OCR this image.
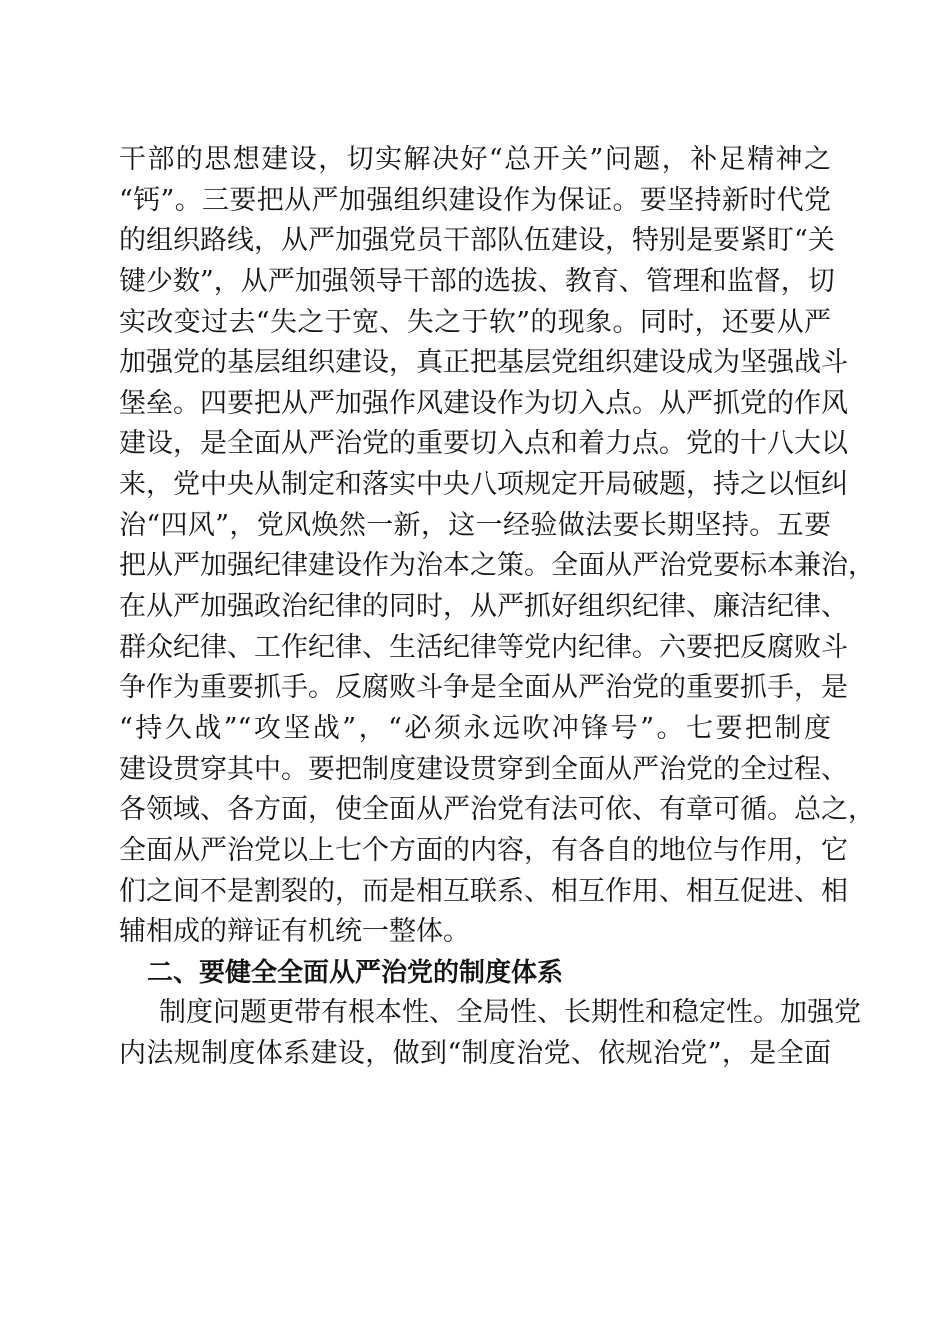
干部的思想建设，切实解决好“总开关”问题，补足精神之
“钙”。三要把从严加强组织建设作为保证。要坚持新时代党
的组织路线，从严加强党员干部队伍建设，特别是要紧盯“关
键少数”，从严加强领导干部的选拔、教育、管理和监督，切
实改变过去“失之于宽、失之于软”的现象。同时，还要从严
加强党的基层组织建设，真正把基层党组织建设成为坚强战斗
堡垒。四要把从严加强作风建设作为切入点。从严抓党的作风
建设，是全面从严治党的重要切入点和着力点。党的十八大以
来，党中央从制定和落实中央八项规定开局破题，持之以恒纠
治“四风”，党风焕然一新，这一经验做法要长期坚持。五要
把从严加强纪律建设作为治本之策。全面从严治党要标本兼治，
在从严加强政治纪律的同时，从严抓好组织纪律、廉洁纪律、
群众纪律、工作纪律、生活纪律等党内纪律。六要把反腐败斗
争作为重要抓手。反腐败斗争是全面从严治党的重要抓手，是
“持久战”“攻坚战”，“必须永远吹冲锋号”。七要把制度
建设贯穿其中。要把制度建设贯穿到全面从严治党的全过程、
各领域、各方面，使全面从严治党有法可依、有章可循。总之，
全面从严治党以上七个方面的内容，有各自的地位与作用，它
们之间不是割裂的，而是相互联系、相互作用、相互促进、相
辅相成的辩证有机统一整体。
二、要健全全面从严治党的制度体系
制度问题更带有根本性、全局性、长期性和稳定性。加强党
内法规制度体系建设，做到“制度治党、依规治党”，是全面
